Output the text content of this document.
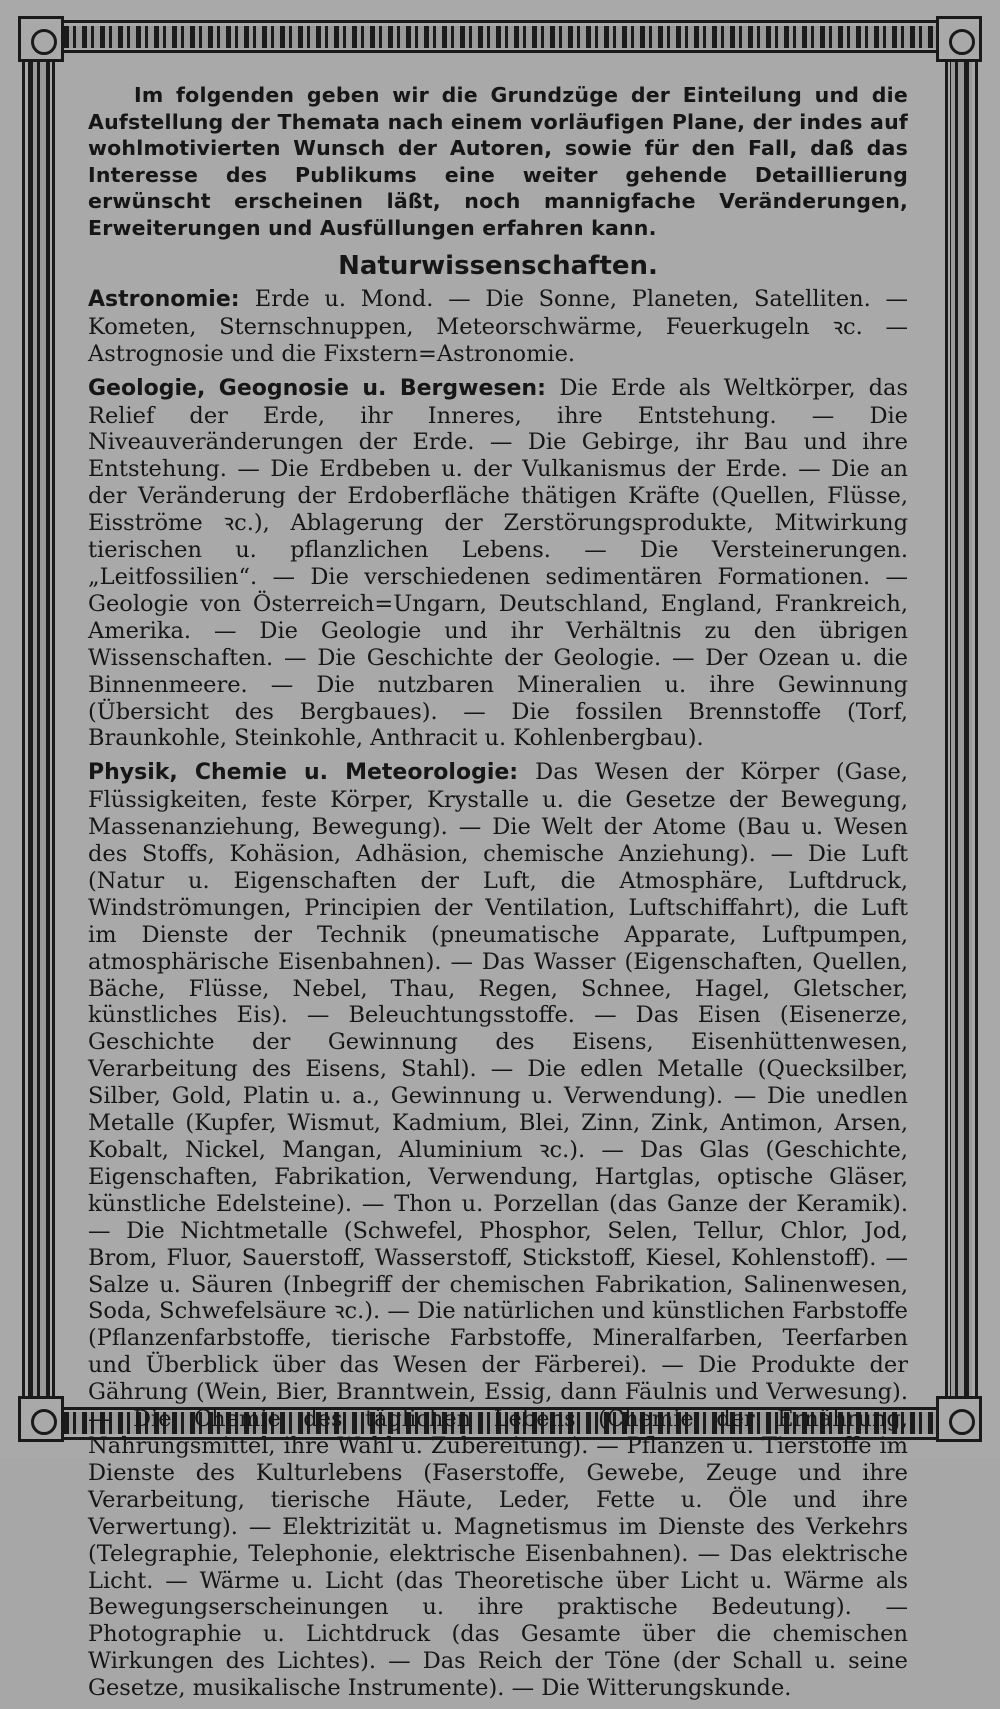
Im folgenden geben wir die Grundzüge der Einteilung und die Aufstellung der Themata nach einem vorläufigen Plane, der indes auf wohlmotivierten Wunsch der Autoren, sowie für den Fall, daß das Interesse des Publikums eine weiter gehende Detaillierung erwünscht erscheinen läßt, noch mannigfache Veränderungen, Erweiterungen und Ausfüllungen erfahren kann.

Naturwissenschaften.

Astronomie: Erde u. Mond. — Die Sonne, Planeten, Satelliten. — Kometen, Sternschnuppen, Meteorschwärme, Feuerkugeln ꝛc. — Astrognosie und die Fixstern=Astronomie.

Geologie, Geognosie u. Bergwesen: Die Erde als Weltkörper, das Relief der Erde, ihr Inneres, ihre Entstehung. — Die Niveauveränderungen der Erde. — Die Gebirge, ihr Bau und ihre Entstehung. — Die Erdbeben u. der Vulkanismus der Erde. — Die an der Veränderung der Erdoberfläche thätigen Kräfte (Quellen, Flüsse, Eisströme ꝛc.), Ablagerung der Zerstörungsprodukte, Mitwirkung tierischen u. pflanzlichen Lebens. — Die Versteinerungen. „Leitfossilien“. — Die verschiedenen sedimentären Formationen. — Geologie von Österreich=Ungarn, Deutschland, England, Frankreich, Amerika. — Die Geologie und ihr Verhältnis zu den übrigen Wissenschaften. — Die Geschichte der Geologie. — Der Ozean u. die Binnenmeere. — Die nutzbaren Mineralien u. ihre Gewinnung (Übersicht des Bergbaues). — Die fossilen Brennstoffe (Torf, Braunkohle, Steinkohle, Anthracit u. Kohlenbergbau).

Physik, Chemie u. Meteorologie: Das Wesen der Körper (Gase, Flüssigkeiten, feste Körper, Krystalle u. die Gesetze der Bewegung, Massenanziehung, Bewegung). — Die Welt der Atome (Bau u. Wesen des Stoffs, Kohäsion, Adhäsion, chemische Anziehung). — Die Luft (Natur u. Eigenschaften der Luft, die Atmosphäre, Luftdruck, Windströmungen, Principien der Ventilation, Luftschiffahrt), die Luft im Dienste der Technik (pneumatische Apparate, Luftpumpen, atmosphärische Eisenbahnen). — Das Wasser (Eigenschaften, Quellen, Bäche, Flüsse, Nebel, Thau, Regen, Schnee, Hagel, Gletscher, künstliches Eis). — Beleuchtungsstoffe. — Das Eisen (Eisenerze, Geschichte der Gewinnung des Eisens, Eisenhüttenwesen, Verarbeitung des Eisens, Stahl). — Die edlen Metalle (Quecksilber, Silber, Gold, Platin u. a., Gewinnung u. Verwendung). — Die unedlen Metalle (Kupfer, Wismut, Kadmium, Blei, Zinn, Zink, Antimon, Arsen, Kobalt, Nickel, Mangan, Aluminium ꝛc.). — Das Glas (Geschichte, Eigenschaften, Fabrikation, Verwendung, Hartglas, optische Gläser, künstliche Edelsteine). — Thon u. Porzellan (das Ganze der Keramik). — Die Nichtmetalle (Schwefel, Phosphor, Selen, Tellur, Chlor, Jod, Brom, Fluor, Sauerstoff, Wasserstoff, Stickstoff, Kiesel, Kohlenstoff). — Salze u. Säuren (Inbegriff der chemischen Fabrikation, Salinenwesen, Soda, Schwefelsäure ꝛc.). — Die natürlichen und künstlichen Farbstoffe (Pflanzenfarbstoffe, tierische Farbstoffe, Mineralfarben, Teerfarben und Überblick über das Wesen der Färberei). — Die Produkte der Gährung (Wein, Bier, Branntwein, Essig, dann Fäulnis und Verwesung). — Die Chemie des täglichen Lebens (Chemie der Ernährung, Nahrungsmittel, ihre Wahl u. Zubereitung). — Pflanzen u. Tierstoffe im Dienste des Kulturlebens (Faserstoffe, Gewebe, Zeuge und ihre Verarbeitung, tierische Häute, Leder, Fette u. Öle und ihre Verwertung). — Elektrizität u. Magnetismus im Dienste des Verkehrs (Telegraphie, Telephonie, elektrische Eisenbahnen). — Das elektrische Licht. — Wärme u. Licht (das Theoretische über Licht u. Wärme als Bewegungserscheinungen u. ihre praktische Bedeutung). — Photographie u. Lichtdruck (das Gesamte über die chemischen Wirkungen des Lichtes). — Das Reich der Töne (der Schall u. seine Gesetze, musikalische Instrumente). — Die Witterungskunde.
